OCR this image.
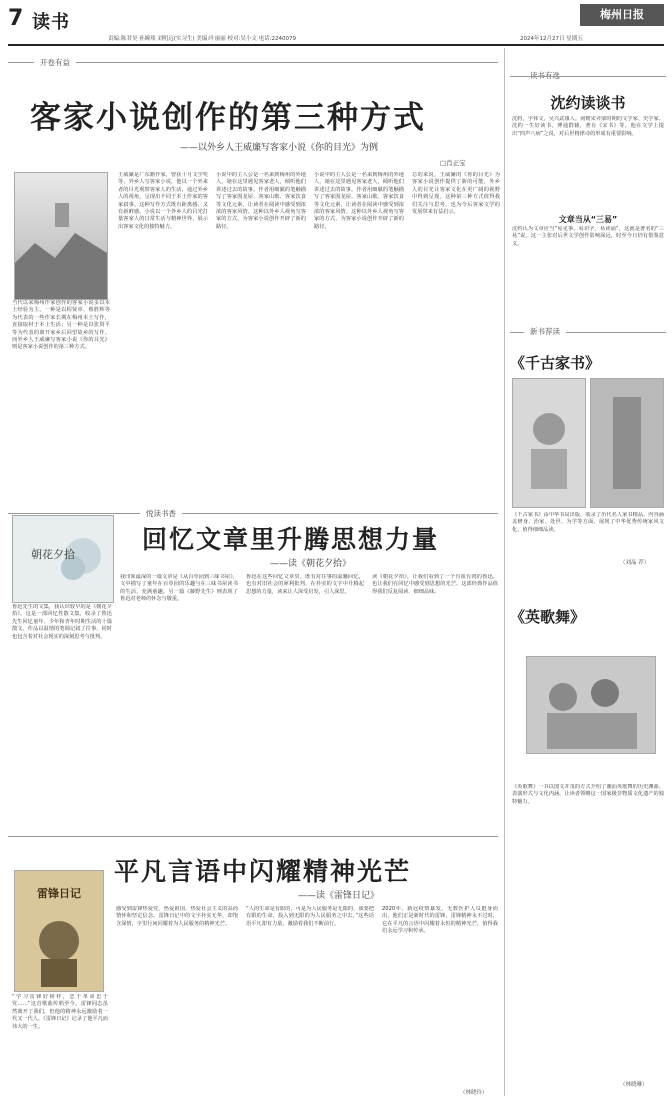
7 读书
责编:陈君昊 孙婉琰 刘明远(实习生) 美编:叶丽丽 校对:吴小文 电话:2240079	2024年12月27日 星期五
梅州日报
开卷有益
客家小说创作的第三种方式
——以外乡人王威廉写客家小说《你的目光》为例
□肖正宝
当代以来梅州作家创作的客家小说多以本土经验为主，一种是以程贤章、蔡胜辉等为代表的一些作家长期在梅州本土写作，直接取材于本土生活；另一种是以张资平等为代表的离开家乡后回望故乡的写作。而外乡人王威廉写客家小说《你的目光》则是客家小说创作的第三种方式。
王威廉是广东籍作家，曾获十月文学奖等，外乡人写客家小说，他以一个外来者的目光观察客家人的生活，通过外乡人的视角，呈现出不同于本土作家的客家叙事。这种写作方式既有距离感，又有新鲜感。小说以一个外乡人的目光打量客家人的日常生活与精神世界，展示出客家文化的独特魅力。
小说中的主人公是一名来到梅州的外地人，她在这里遇见客家老人，倾听他们讲述过去的故事。作者用细腻的笔触描写了客家围龙屋、客家山歌、客家饮食等文化元素，让读者在阅读中感受到浓浓的客家风情。这种以外乡人视角写客家的方式，为客家小说创作开辟了新的路径。
小说中的主人公是一名来到梅州的外地人，她在这里遇见客家老人，倾听他们讲述过去的故事。作者用细腻的笔触描写了客家围龙屋、客家山歌、客家饮食等文化元素，让读者在阅读中感受到浓浓的客家风情。这种以外乡人视角写客家的方式，为客家小说创作开辟了新的路径。
总的来说，王威廉的《你的目光》为客家小说创作提供了新的可能，外乡人的目光让客家文化在更广阔的视野中得到呈现。这种第三种方式值得我们关注与思考，也为今后客家文学的发展带来有益启示。
悦读书香
朝花夕拾
回忆文章里升腾思想力量
——读《朝花夕拾》
鲁迅先生的文集，我认识较早的是《朝花夕拾》。这是一部回忆性散文集，收录了鲁迅先生回忆童年、少年和青年时期生活的十篇散文。作品以温情的笔调记叙了往事，同时也包含着对社会现实的深刻思考与批判。
我印象最深的一篇文章是《从百草园到三味书屋》，文中描写了童年在百草园的乐趣与在三味书屋读书的生活，充满童趣。另一篇《藤野先生》则表现了鲁迅对老师的怀念与敬重。
鲁迅在这些回忆文章里，既有对往事的温馨回忆，也有对旧社会的犀利批判，在朴实的文字中升腾起思想的力量，读来让人深受启发，引人深思。
读《朝花夕拾》，让我们看到了一个有血有肉的鲁迅，也让我们在回忆中感受到思想的光芒。这部经典作品值得我们反复阅读、细细品味。
平凡言语中闪耀精神光芒
——读《雷锋日记》
雷锋日记
“学习雷锋好榜样，忠于革命忠于党……”这首歌曲传唱至今。雷锋同志虽然离开了我们，但他的精神永远激励着一代又一代人。《雷锋日记》记录了他平凡而伟大的一生。
感受到雷锋热爱党、热爱祖国、热爱社会主义的高尚情怀和坚定信念。雷锋日记中的文字朴实无华，却饱含深情，字里行间闪耀着为人民服务的精神光芒。
“人的生命是有限的，可是为人民服务是无限的，我要把有限的生命，投入到无限的为人民服务之中去。”这些话语平凡却有力量，激励着我们不断前行。
2020年，新冠疫情暴发，无数医护人员挺身而出，他们正是新时代的雷锋。雷锋精神永不过时，它在平凡的言语中闪耀着永恒的精神光芒，值得我们永远学习和传承。
（林晓玲）
沈约读谈书
沈约，字休文，吴兴武康人。南朝宋齐梁时期的文学家、史学家。沈约一生好读书，博通群籍，著有《宋书》等。他在文学上提出“四声八病”之说，对后世格律诗的形成有重要影响。
文章当从“三易”
沈约认为文章应当“易见事、易识字、易读诵”，这就是著名的“三易”说。这一主张对后世文学创作影响深远，时至今日仍有借鉴意义。
新书荐读
《千古家书》
《千古家书》由中华书局出版，收录了历代名人家书精品，内容涵盖修身、治家、处世、为学等方面，展现了中华优秀传统家风文化，值得细细品读。
（刘晶 荐）
《英歌舞》
《英歌舞》一书以图文并茂的方式介绍了潮汕英歌舞的历史渊源、表演形式与文化内涵，让读者领略这一国家级非物质文化遗产的独特魅力。
（林晓琳）
